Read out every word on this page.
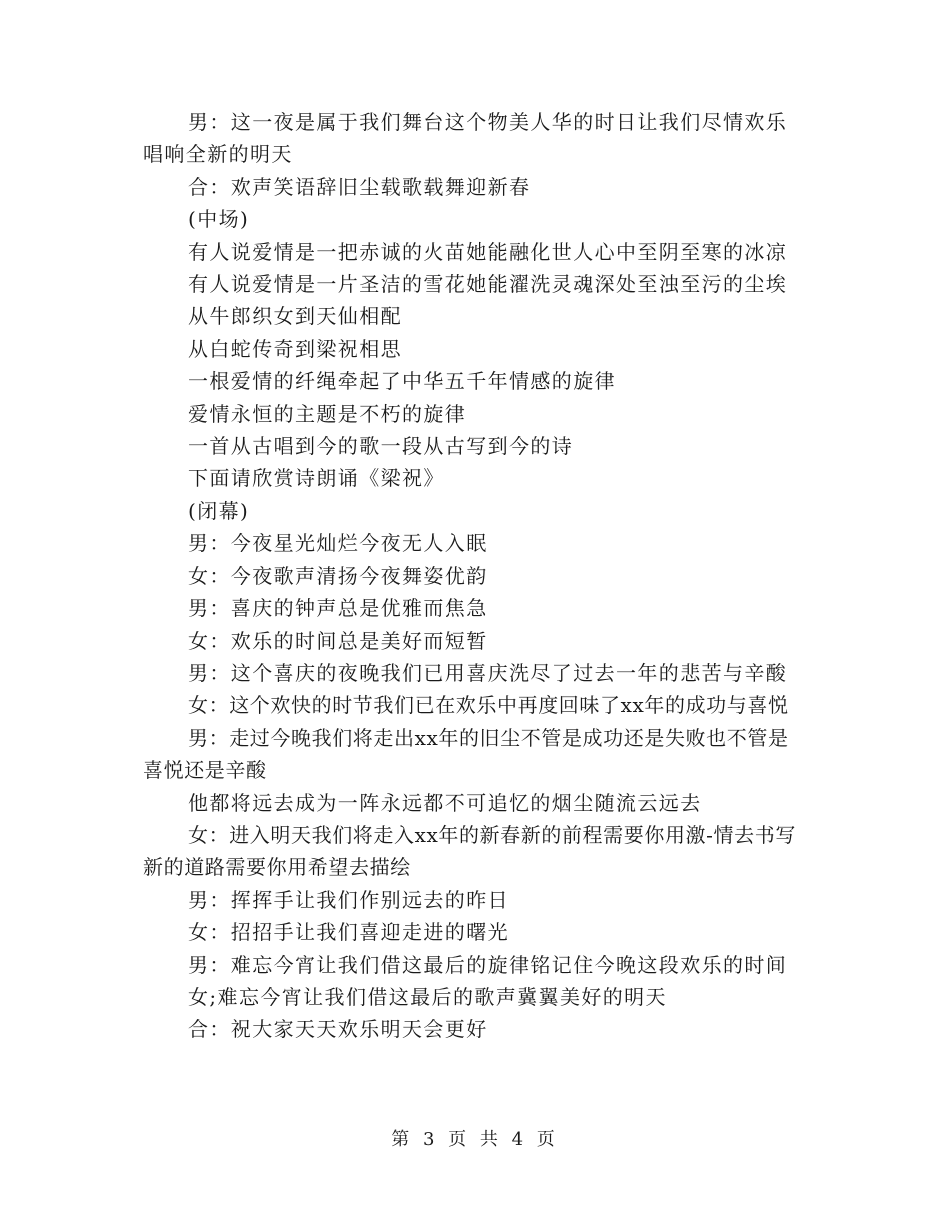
男：这一夜是属于我们舞台这个物美人华的时日让我们尽情欢乐唱响全新的明天

合：欢声笑语辞旧尘载歌载舞迎新春

(中场)

有人说爱情是一把赤诚的火苗她能融化世人心中至阴至寒的冰凉

有人说爱情是一片圣洁的雪花她能濯洗灵魂深处至浊至污的尘埃

从牛郎织女到天仙相配

从白蛇传奇到梁祝相思

一根爱情的纤绳牵起了中华五千年情感的旋律

爱情永恒的主题是不朽的旋律

一首从古唱到今的歌一段从古写到今的诗

下面请欣赏诗朗诵《梁祝》

(闭幕)

男：今夜星光灿烂今夜无人入眠

女：今夜歌声清扬今夜舞姿优韵

男：喜庆的钟声总是优雅而焦急

女：欢乐的时间总是美好而短暂

男：这个喜庆的夜晚我们已用喜庆洗尽了过去一年的悲苦与辛酸

女：这个欢快的时节我们已在欢乐中再度回味了xx年的成功与喜悦

男：走过今晚我们将走出xx年的旧尘不管是成功还是失败也不管是喜悦还是辛酸

他都将远去成为一阵永远都不可追忆的烟尘随流云远去

女：进入明天我们将走入xx年的新春新的前程需要你用激-情去书写新的道路需要你用希望去描绘

男：挥挥手让我们作别远去的昨日

女：招招手让我们喜迎走进的曙光

男：难忘今宵让我们借这最后的旋律铭记住今晚这段欢乐的时间

女;难忘今宵让我们借这最后的歌声冀翼美好的明天

合：祝大家天天欢乐明天会更好

第 3 页 共 4 页
